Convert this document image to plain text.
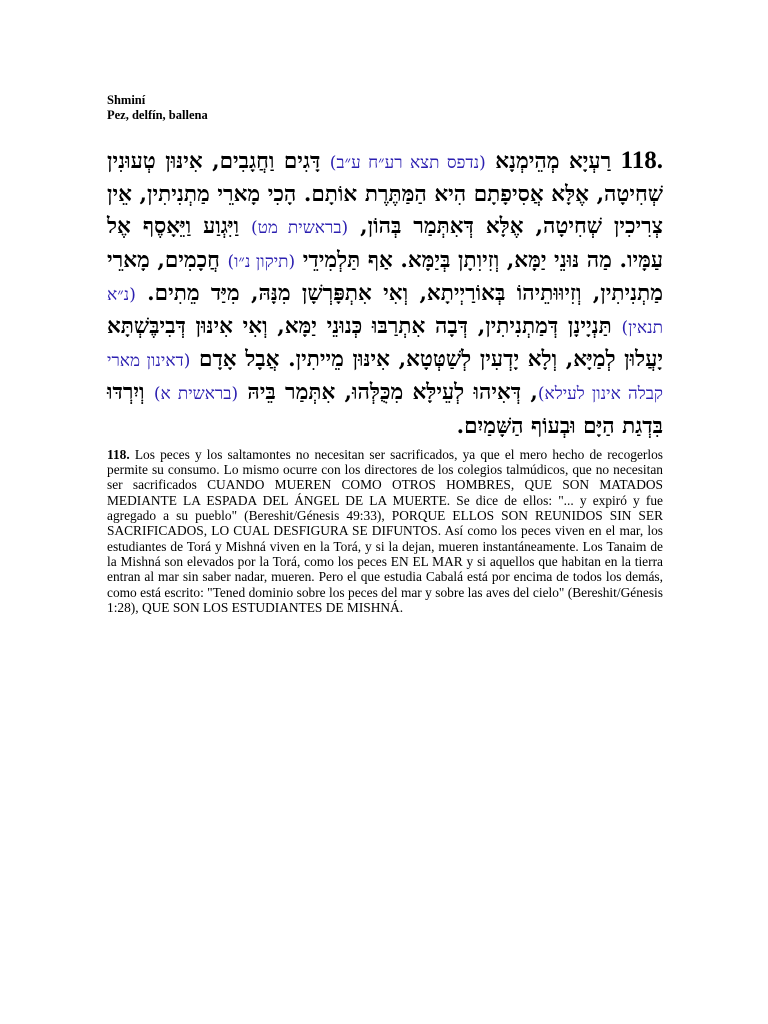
Shminí
Pez, delfín, ballena
118. רַעְיָא מְהֵימְנָא (נדפס תצא רע״ח ע״ב) דָּגִים וַחֲגָבִים, אִינּוּן טְעוּנִין שְׁחִיטָה, אֶלָּא אֲסִיפָתָם הִיא הַמַּתֶּרֶת אוֹתָם. הָכִי מָארֵי מַתְנִיתִין, אֵין צְרִיכִין שְׁחִיטָה, אֶלָּא דְּאִתְּמַר בְּהוֹן, (בראשית מט) וַיִּגְוַע וַיֵּאָסֶף אֶל עַמָּיו. מַה נּוּנֵי יַמָּא, וְזִיוִתָן בְּיַמָּא. אַף תַּלְמִידֵי (תיקון נ״ו) חֲכָמִים, מָארֵי מַתְנִיתִין, וְזִיוּוּתֵיהוֹ בְּאוֹרַיְיתָא, וְאִי אִתְפָּרְשָׁן מִנָּהּ, מִיַּד מֵתִים. (נ״א תנאין) תַּנְיָינָן דְּמַתְנִיתִין, דְּבָה אִתְרַבּוּ כְּנוּנֵי יַמָּא, וְאִי אִינּוּן דְּבִיבֶּשְׁתָּא יָעֲלוּן לְמַיָּא, וְלָא יָדְעִין לְשַׁטְּטָא, אִינּוּן מֵייתִין. אֲבָל אָדָם (דאינון מארי קבלה אינון לעילא), דְּאִיהוּ לְעֵילָּא מִכֻּלְּהוּ, אִתְּמַר בֵּיהּ (בראשית א) וְיִרְדּוּ בִּדְגַת הַיָּם וּבְעוֹף הַשָּׁמַיִם.
118. Los peces y los saltamontes no necesitan ser sacrificados, ya que el mero hecho de recogerlos permite su consumo. Lo mismo ocurre con los directores de los colegios talmúdicos, que no necesitan ser sacrificados CUANDO MUEREN COMO OTROS HOMBRES, QUE SON MATADOS MEDIANTE LA ESPADA DEL ÁNGEL DE LA MUERTE. Se dice de ellos: "... y expiró y fue agregado a su pueblo" (Bereshit/Génesis 49:33), PORQUE ELLOS SON REUNIDOS SIN SER SACRIFICADOS, LO CUAL DESFIGURA SE DIFUNTOS. Así como los peces viven en el mar, los estudiantes de Torá y Mishná viven en la Torá, y si la dejan, mueren instantáneamente. Los Tanaim de la Mishná son elevados por la Torá, como los peces EN EL MAR y si aquellos que habitan en la tierra entran al mar sin saber nadar, mueren. Pero el que estudia Cabalá está por encima de todos los demás, como está escrito: "Tened dominio sobre los peces del mar y sobre las aves del cielo" (Bereshit/Génesis 1:28), QUE SON LOS ESTUDIANTES DE MISHNÁ.
